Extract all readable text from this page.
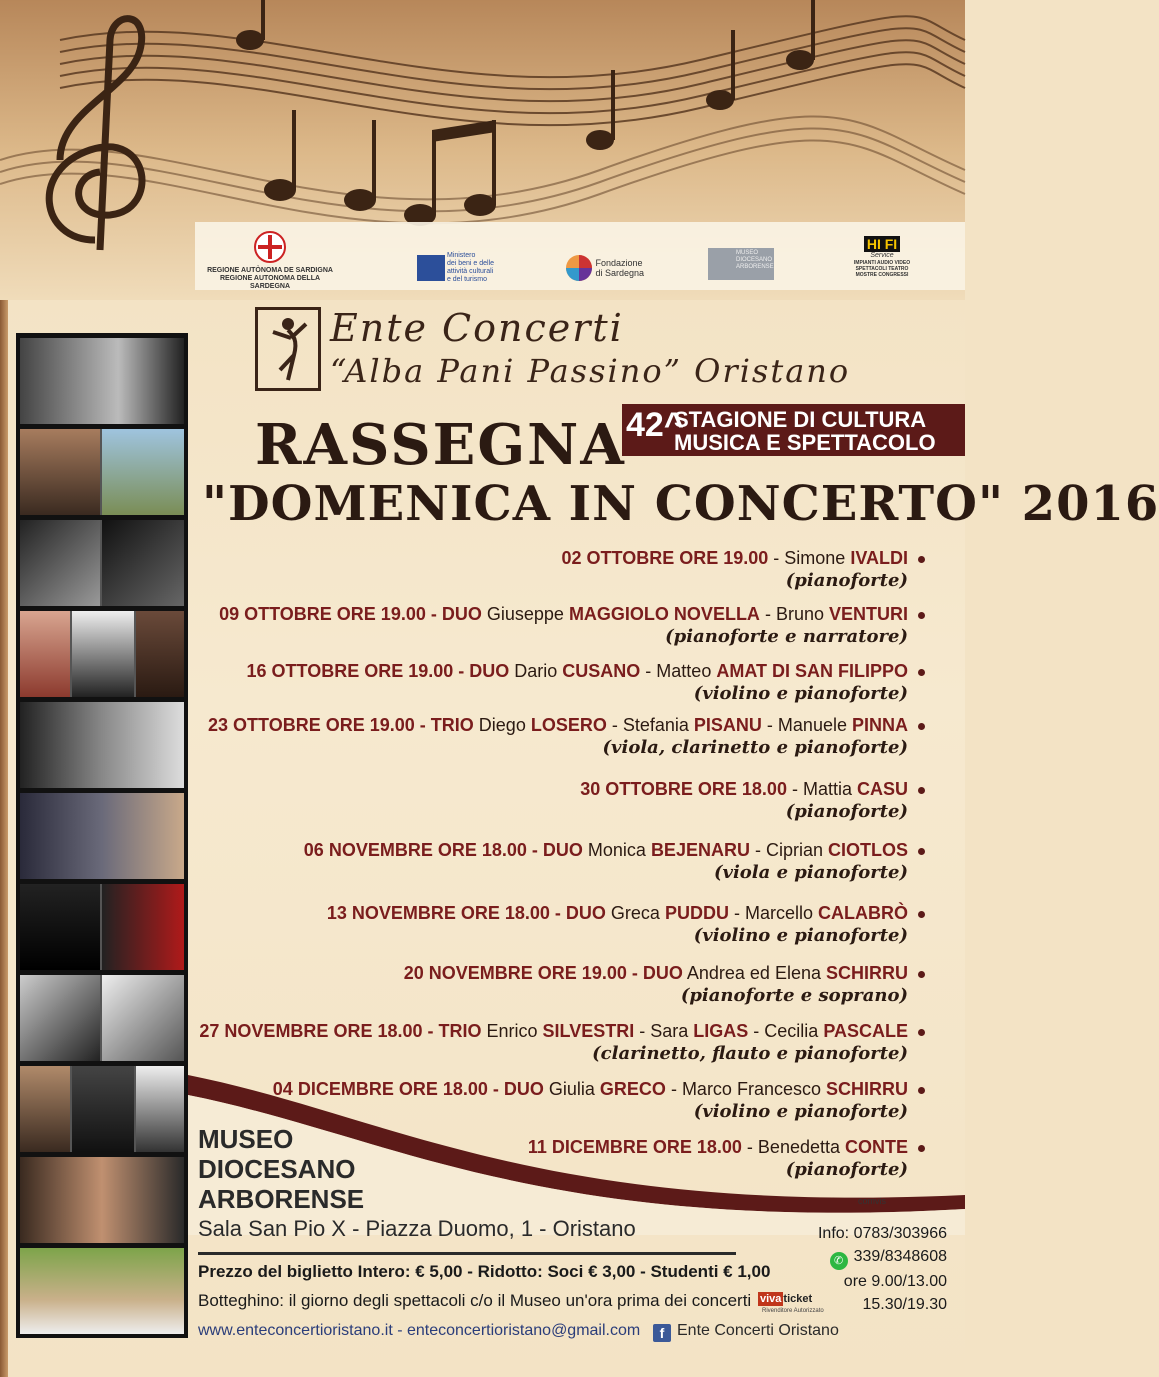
REGIONE AUTÒNOMA DE SARDIGNA
REGIONE AUTONOMA DELLA SARDEGNA
Ministero
dei beni e delle
attività culturali
e del turismo
Fondazione
di Sardegna
MUSEO
DIOCESANO
ARBORENSE
HI FI
Service
IMPIANTI AUDIO VIDEO
SPETTACOLI TEATRO
MOSTRE CONGRESSI
Ente Concerti
“Alba Pani Passino” Oristano
42^
STAGIONE DI CULTURA
MUSICA E SPETTACOLO
RASSEGNA
"DOMENICA IN CONCERTO" 2016
02 OTTOBRE ORE 19.00 - Simone IVALDI
(pianoforte)
09 OTTOBRE ORE 19.00 - DUO Giuseppe MAGGIOLO NOVELLA - Bruno VENTURI
(pianoforte e narratore)
16 OTTOBRE ORE 19.00 - DUO Dario CUSANO - Matteo AMAT DI SAN FILIPPO
(violino e pianoforte)
23 OTTOBRE ORE 19.00 - TRIO Diego LOSERO - Stefania PISANU - Manuele PINNA
(viola, clarinetto e pianoforte)
30 OTTOBRE ORE 18.00 - Mattia CASU
(pianoforte)
06 NOVEMBRE ORE 18.00 - DUO Monica BEJENARU - Ciprian CIOTLOS
(viola e pianoforte)
13 NOVEMBRE ORE 18.00 - DUO Greca PUDDU - Marcello CALABRÒ
(violino e pianoforte)
20 NOVEMBRE ORE 19.00 - DUO Andrea ed Elena SCHIRRU
(pianoforte e soprano)
27 NOVEMBRE ORE 18.00 - TRIO Enrico SILVESTRI - Sara LIGAS - Cecilia PASCALE
(clarinetto, flauto e pianoforte)
04 DICEMBRE ORE 18.00 - DUO Giulia GRECO - Marco Francesco SCHIRRU
(violino e pianoforte)
11 DICEMBRE ORE 18.00 - Benedetta CONTE
(pianoforte)
MUSEO
DIOCESANO
ARBORENSE
Sala San Pio X - Piazza Duomo, 1 - Oristano
Prezzo del biglietto Intero: € 5,00 - Ridotto: Soci € 3,00 - Studenti € 1,00
Botteghino: il giorno degli spettacoli c/o il Museo un'ora prima dei concerti viva ticket
Rivenditore Autorizzato
www.enteconcertioristano.it - enteconcertioristano@gmail.com	f Ente Concerti Oristano
comvis
Info: 0783/303966
✆ 339/8348608
ore 9.00/13.00
15.30/19.30
